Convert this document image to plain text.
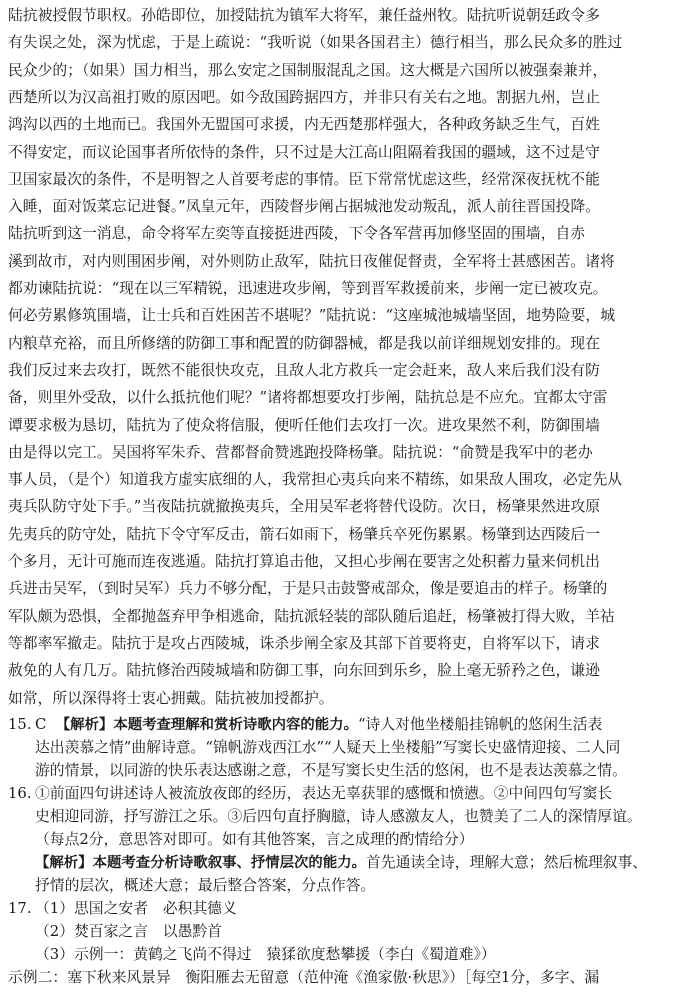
陆抗被授假节职权。孙皓即位，加授陆抗为镇军大将军，兼任益州牧。陆抗听说朝廷政令多
有失误之处，深为忧虑，于是上疏说：“我听说（如果各国君主）德行相当，那么民众多的胜过
民众少的；（如果）国力相当，那么安定之国制服混乱之国。这大概是六国所以被强秦兼并，
西楚所以为汉高祖打败的原因吧。如今敌国跨据四方，并非只有关右之地。割据九州，岂止
鸿沟以西的土地而已。我国外无盟国可求援，内无西楚那样强大，各种政务缺乏生气，百姓
不得安定，而议论国事者所依恃的条件，只不过是大江高山阻隔着我国的疆域，这不过是守
卫国家最次的条件，不是明智之人首要考虑的事情。臣下常常忧虑这些，经常深夜抚枕不能
入睡，面对饭菜忘记进餐。”凤皇元年，西陵督步阐占据城池发动叛乱，派人前往晋国投降。
陆抗听到这一消息，命令将军左奕等直接挺进西陵，下令各军营再加修坚固的围墙，自赤
溪到故市，对内则围困步阐，对外则防止敌军，陆抗日夜催促督责，全军将士甚感困苦。诸将
都劝谏陆抗说：“现在以三军精锐，迅速进攻步阐，等到晋军救援前来，步阐一定已被攻克。
何必劳累修筑围墙，让士兵和百姓困苦不堪呢？”陆抗说：“这座城池城墙坚固，地势险要，城
内粮草充裕，而且所修缮的防御工事和配置的防御器械，都是我以前详细规划安排的。现在
我们反过来去攻打，既然不能很快攻克，且敌人北方救兵一定会赶来，敌人来后我们没有防
备，则里外受敌，以什么抵抗他们呢？”诸将都想要攻打步阐，陆抗总是不应允。宜都太守雷
谭要求极为恳切，陆抗为了使众将信服，便听任他们去攻打一次。进攻果然不利，防御围墙
由是得以完工。吴国将军朱乔、营都督俞赞逃跑投降杨肇。陆抗说：“俞赞是我军中的老办
事人员，（是个）知道我方虚实底细的人，我常担心夷兵向来不精练，如果敌人围攻，必定先从
夷兵队防守处下手。”当夜陆抗就撤换夷兵，全用吴军老将替代设防。次日，杨肇果然进攻原
先夷兵的防守处，陆抗下令守军反击，箭石如雨下，杨肇兵卒死伤累累。杨肇到达西陵后一
个多月，无计可施而连夜逃遁。陆抗打算追击他，又担心步阐在要害之处积蓄力量来伺机出
兵进击吴军，（到时吴军）兵力不够分配，于是只击鼓警戒部众，像是要追击的样子。杨肇的
军队颇为恐惧，全都抛盔弃甲争相逃命，陆抗派轻装的部队随后追赶，杨肇被打得大败，羊祜
等都率军撤走。陆抗于是攻占西陵城，诛杀步阐全家及其部下首要将吏，自将军以下，请求
赦免的人有几万。陆抗修治西陵城墙和防御工事，向东回到乐乡，脸上毫无骄矜之色，谦逊
如常，所以深得将士衷心拥戴。陆抗被加授都护。
15. C 【解析】本题考查理解和赏析诗歌内容的能力。“诗人对他坐楼船挂锦帆的悠闲生活表
达出羡慕之情”曲解诗意。“锦帆游戏西江水”“人疑天上坐楼船”写窦长史盛情迎接、二人同
游的情景，以同游的快乐表达感谢之意，不是写窦长史生活的悠闲，也不是表达羡慕之情。
16. ①前面四句讲述诗人被流放夜郎的经历，表达无辜获罪的感慨和愤懑。②中间四句写窦长
史相迎同游，抒写游江之乐。③后四句直抒胸臆，诗人感激友人，也赞美了二人的深情厚谊。
（每点2分，意思答对即可。如有其他答案，言之成理的酌情给分）
【解析】本题考查分析诗歌叙事、抒情层次的能力。首先通读全诗，理解大意；然后梳理叙事、
抒情的层次，概述大意；最后整合答案，分点作答。
17. （1）思国之安者　必积其德义
（2）焚百家之言　以愚黔首
（3）示例一：黄鹤之飞尚不得过　猿猱欲度愁攀援（李白《蜀道难》）
示例二：塞下秋来风景异　衡阳雁去无留意（范仲淹《渔家傲·秋思》）［每空1分，多字、漏
